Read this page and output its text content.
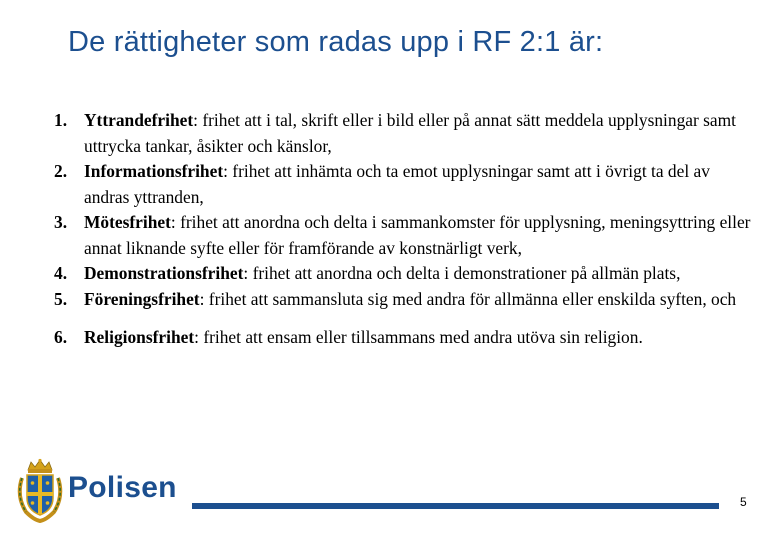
De rättigheter som radas upp i RF 2:1 är:
1. Yttrandefrihet: frihet att i tal, skrift eller i bild eller på annat sätt meddela upplysningar samt uttrycka tankar, åsikter och känslor,
2. Informationsfrihet: frihet att inhämta och ta emot upplysningar samt att i övrigt ta del av andras yttranden,
3. Mötesfrihet: frihet att anordna och delta i sammankomster för upplysning, meningsyttring eller annat liknande syfte eller för framförande av konstnärligt verk,
4. Demonstrationsfrihet: frihet att anordna och delta i demonstrationer på allmän plats,
5. Föreningsfrihet: frihet att sammansluta sig med andra för allmänna eller enskilda syften, och
6. Religionsfrihet: frihet att ensam eller tillsammans med andra utöva sin religion.
Polisen	5
